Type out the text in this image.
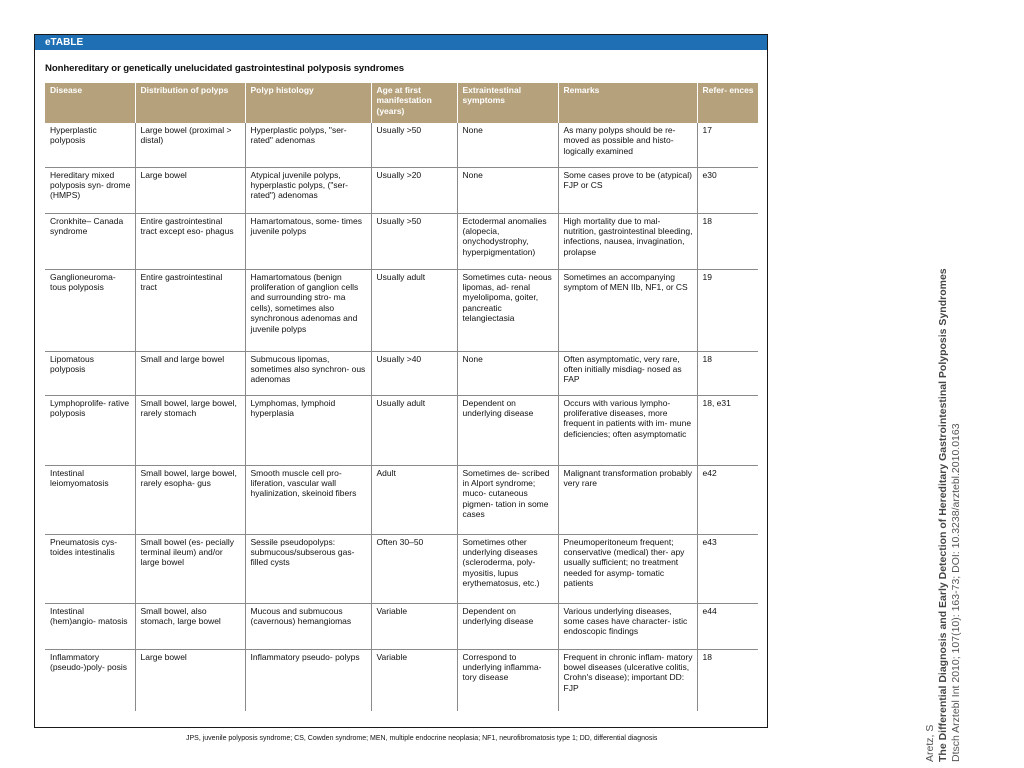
eTABLE
Nonhereditary or genetically unelucidated gastrointestinal polyposis syndromes
Disease	Distribution of polyps	Polyp histology	Age at first manifestation (years)	Extraintestinal symptoms	Remarks	Refer- ences
Hyperplastic polyposis	Large bowel (proximal > distal)	Hyperplastic polyps, "ser- rated" adenomas	Usually >50	None	As many polyps should be re- moved as possible and histo- logically examined	17
Hereditary mixed polyposis syn- drome (HMPS)	Large bowel	Atypical juvenile polyps, hyperplastic polyps, ("ser- rated") adenomas	Usually >20	None	Some cases prove to be (atypical) FJP or CS	e30
Cronkhite– Canada syndrome	Entire gastrointestinal tract except eso- phagus	Hamartomatous, some- times juvenile polyps	Usually >50	Ectodermal anomalies (alopecia, onychodystrophy, hyperpigmentation)	High mortality due to mal- nutrition, gastrointestinal bleeding, infections, nausea, invagination, prolapse	18
Ganglioneuroma- tous polyposis	Entire gastrointestinal tract	Hamartomatous (benign proliferation of ganglion cells and surrounding stro- ma cells), sometimes also synchronous adenomas and juvenile polyps	Usually adult	Sometimes cuta- neous lipomas, ad- renal myelolipoma, goiter, pancreatic telangiectasia	Sometimes an accompanying symptom of MEN IIb, NF1, or CS	19
Lipomatous polyposis	Small and large bowel	Submucous lipomas, sometimes also synchron- ous adenomas	Usually >40	None	Often asymptomatic, very rare, often initially misdiag- nosed as FAP	18
Lymphoprolife- rative polyposis	Small bowel, large bowel, rarely stomach	Lymphomas, lymphoid hyperplasia	Usually adult	Dependent on underlying disease	Occurs with various lympho- proliferative diseases, more frequent in patients with im- mune deficiencies; often asymptomatic	18, e31
Intestinal leiomyomatosis	Small bowel, large bowel, rarely esopha- gus	Smooth muscle cell pro- liferation, vascular wall hyalinization, skeinoid fibers	Adult	Sometimes de- scribed in Alport syndrome; muco- cutaneous pigmen- tation in some cases	Malignant transformation probably very rare	e42
Pneumatosis cys- toides intestinalis	Small bowel (es- pecially terminal ileum) and/or large bowel	Sessile pseudopolyps: submucous/subserous gas-filled cysts	Often 30–50	Sometimes other underlying diseases (scleroderma, poly- myositis, lupus erythematosus, etc.)	Pneumoperitoneum frequent; conservative (medical) ther- apy usually sufficient; no treatment needed for asymp- tomatic patients	e43
Intestinal (hem)angio- matosis	Small bowel, also stomach, large bowel	Mucous and submucous (cavernous) hemangiomas	Variable	Dependent on underlying disease	Various underlying diseases, some cases have character- istic endoscopic findings	e44
Inflammatory (pseudo-)poly- posis	Large bowel	Inflammatory pseudo- polyps	Variable	Correspond to underlying inflamma- tory disease	Frequent in chronic inflam- matory bowel diseases (ulcerative colitis, Crohn's disease); important DD: FJP	18
JPS, juvenile polyposis syndrome; CS, Cowden syndrome; MEN, multiple endocrine neoplasia; NF1, neurofibromatosis type 1; DD, differential diagnosis	Aretz, S The Differential Diagnosis and Early Detection of Hereditary Gastrointestinal Polyposis Syndromes Dtsch Arztebl Int 2010; 107(10): 163-73; DOI: 10.3238/arztebl.2010.0163
